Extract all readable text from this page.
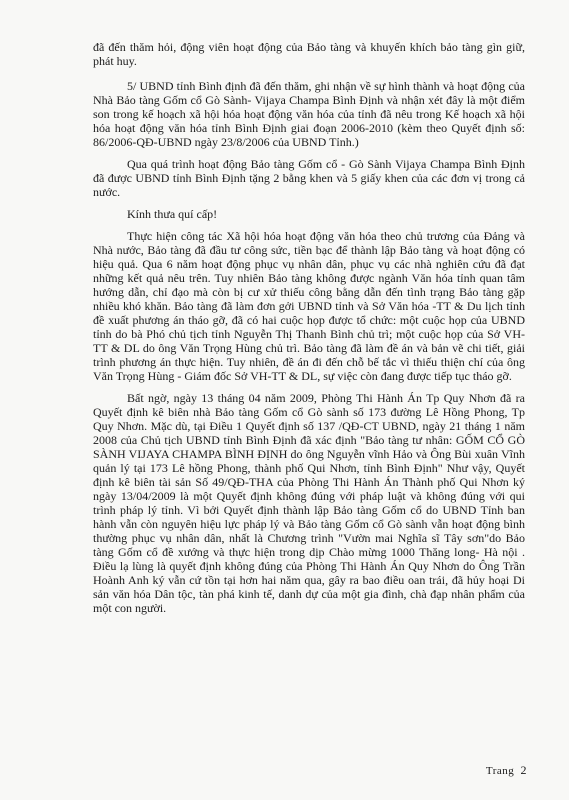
đã đến thăm hỏi, động viên hoạt động của Bảo tàng và khuyến khích bảo tàng gìn giữ, phát huy.

5/ UBND tỉnh Bình định đã đến thăm, ghi nhận về sự hình thành và hoạt động của Nhà Bảo tàng Gốm cổ Gò Sành- Vijaya Champa Bình Định và nhận xét đây là một điểm son trong kế hoạch xã hội hóa hoạt động văn hóa của tỉnh đã nêu trong Kế hoạch xã hội hóa hoạt động văn hóa tỉnh Bình Định giai đoạn 2006-2010 (kèm theo Quyết định số: 86/2006-QĐ-UBND ngày 23/8/2006 của UBND Tỉnh.)

Qua quá trình hoạt động Bảo tàng Gốm cổ - Gò Sành Vijaya Champa Bình Định đã được UBND tỉnh Bình Định tặng 2 bằng khen và 5 giấy khen của các đơn vị trong cả nước.

Kính thưa quí cấp!

Thực hiện công tác Xã hội hóa hoạt động văn hóa theo chủ trương của Đảng và Nhà nước, Bảo tàng đã đầu tư công sức, tiền bạc để thành lập Bảo tàng và hoạt động có hiệu quả. Qua 6 năm hoạt động phục vụ nhân dân, phục vụ các nhà nghiên cứu đã đạt những kết quả nêu trên. Tuy nhiên Bảo tàng không được ngành Văn hóa tỉnh quan tâm hướng dẫn, chỉ đạo mà còn bị cư xử thiếu công bằng dẫn đến tình trạng Bảo tàng gặp nhiều khó khăn. Bảo tàng đã làm đơn gởi UBND tỉnh và Sở Văn hóa -TT & Du lịch tỉnh đề xuất phương án tháo gỡ, đã có hai cuộc họp được tổ chức: một cuộc họp của UBND tỉnh do bà Phó chủ tịch tỉnh Nguyễn Thị Thanh Bình chủ trì; một cuộc họp của Sở VH-TT & DL do ông Văn Trọng Hùng chủ trì. Bảo tàng đã làm đề án và bản vẽ chi tiết, giải trình phương án thực hiện. Tuy nhiên, đề án đi đến chỗ bế tắc vì thiếu thiện chí của ông Văn Trọng Hùng - Giám đốc Sở VH-TT & DL, sự việc còn đang được tiếp tục tháo gỡ.

Bất ngờ, ngày 13 tháng 04 năm 2009, Phòng Thi Hành Án Tp Quy Nhơn đã ra Quyết định kê biên nhà Bảo tàng Gốm cổ Gò sành số 173 đường Lê Hồng Phong, Tp Quy Nhơn. Mặc dù, tại Điều 1 Quyết định số 137 /QĐ-CT UBND, ngày 21 tháng 1 năm 2008 của Chủ tịch UBND tỉnh Bình Định đã xác định "Bảo tàng tư nhân: GỐM CỔ GÒ SÀNH VIJAYA CHAMPA BÌNH ĐỊNH do ông Nguyễn vĩnh Hảo và Ông Bùi xuân Vĩnh quản lý tại 173 Lê hồng Phong, thành phố Qui Nhơn, tỉnh Bình Định" Như vậy, Quyết định kê biên tài sản Số 49/QĐ-THA của Phòng Thi Hành Án Thành phố Qui Nhơn ký ngày 13/04/2009 là một Quyết định không đúng với pháp luật và không đúng với qui trình pháp lý tỉnh. Vì bởi Quyết định thành lập Bảo tàng Gốm cổ do UBND Tỉnh ban hành vẫn còn nguyên hiệu lực pháp lý và Bảo tàng Gốm cổ Gò sành vẫn hoạt động bình thường phục vụ nhân dân, nhất là Chương trình "Vườn mai Nghĩa sĩ Tây sơn"do Bảo tàng Gốm cổ đề xướng và thực hiện trong dịp Chào mừng 1000 Thăng long- Hà nội . Điều lạ lùng là quyết định không đúng của Phòng Thi Hành Án Quy Nhơn do Ông Trần Hoành Anh ký vẫn cứ tồn tại hơn hai năm qua, gây ra bao điều oan trái, đã hủy hoại Di sản văn hóa Dân tộc, tàn phá kinh tế, danh dự của một gia đình, chà đạp nhân phẩm của một con người.

Trang 2
